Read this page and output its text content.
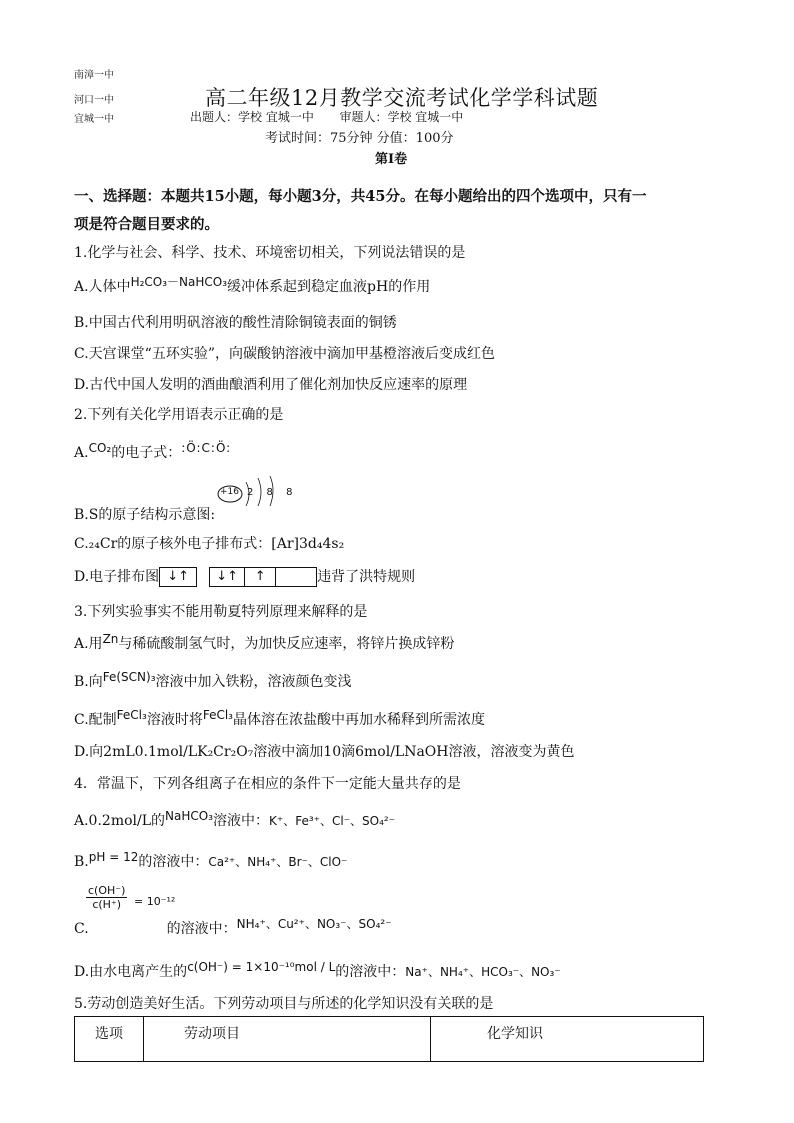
南漳一中
河口一中
宜城一中
高二年级12月教学交流考试化学学科试题
出题人：学校 宜城一中 审题人：学校 宜城一中
考试时间：75分钟 分值：100分
第Ⅰ卷
一、选择题：本题共15小题，每小题3分，共45分。在每小题给出的四个选项中，只有一
项是符合题目要求的。
1.化学与社会、科学、技术、环境密切相关，下列说法错误的是
A.人体中H₂CO₃－NaHCO₃缓冲体系起到稳定血液pH的作用
B.中国古代利用明矾溶液的酸性清除铜镜表面的铜锈
C.天宫课堂“五环实验”，向碳酸钠溶液中滴加甲基橙溶液后变成红色
D.古代中国人发明的酒曲酿酒利用了催化剂加快反应速率的原理
2.下列有关化学用语表示正确的是
A.CO₂的电子式：:Ö:C:Ö:
B.S的原子结构示意图:
+16 2 8 8
C.₂₄Cr的原子核外电子排布式：[Ar]3d₄4s₂
D.电子排布图 ↓↑ ↓↑ ↑	违背了洪特规则
3.下列实验事实不能用勒夏特列原理来解释的是
A.用Zn与稀硫酸制氢气时，为加快反应速率，将锌片换成锌粉
B.向Fe(SCN)₃溶液中加入铁粉，溶液颜色变浅
C.配制FeCl₃溶液时将FeCl₃晶体溶在浓盐酸中再加水稀释到所需浓度
D.向2mL0.1mol/LK₂Cr₂O₇溶液中滴加10滴6mol/LNaOH溶液，溶液变为黄色
4．常温下，下列各组离子在相应的条件下一定能大量共存的是
A.0.2mol/L的NaHCO₃溶液中：K⁺、Fe³⁺、Cl⁻、SO₄²⁻
B.pH = 12的溶液中：Ca²⁺、NH₄⁺、Br⁻、ClO⁻
$\frac{c(OH^-)}{c(H^+)} = 10^{-12}$
C.	的溶液中：NH₄⁺、Cu²⁺、NO₃⁻、SO₄²⁻
D.由水电离产生的c(OH⁻) = 1×10⁻¹⁰mol / L的溶液中：Na⁺、NH₄⁺、HCO₃⁻、NO₃⁻
5.劳动创造美好生活。下列劳动项目与所述的化学知识没有关联的是
选项	劳动项目	化学知识
